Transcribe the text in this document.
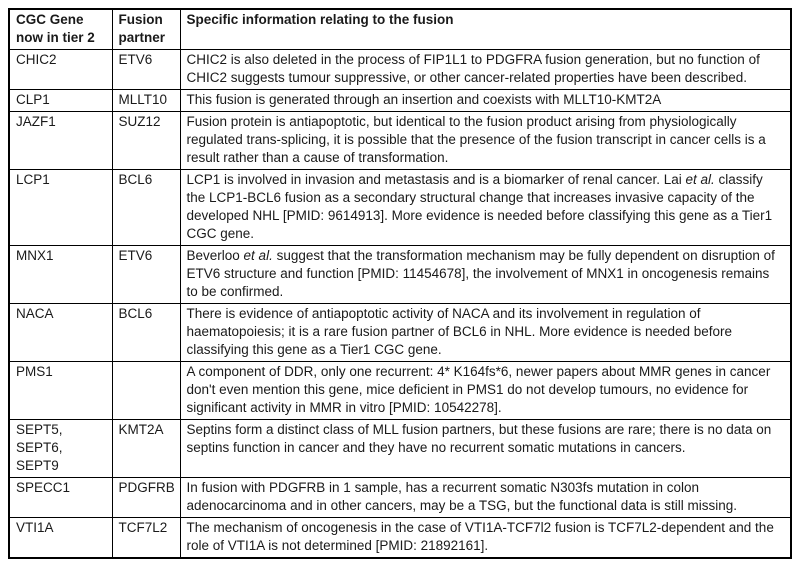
CGC Gene now in tier 2	Fusion partner	Specific information relating to the fusion
CHIC2	ETV6	CHIC2 is also deleted in the process of FIP1L1 to PDGFRA fusion generation, but no function of CHIC2 suggests tumour suppressive, or other cancer-related properties have been described.
CLP1	MLLT10	This fusion is generated through an insertion and coexists with MLLT10-KMT2A
JAZF1	SUZ12	Fusion protein is antiapoptotic, but identical to the fusion product arising from physiologically regulated trans-splicing, it is possible that the presence of the fusion transcript in cancer cells is a result rather than a cause of transformation.
LCP1	BCL6	LCP1 is involved in invasion and metastasis and is a biomarker of renal cancer. Lai et al. classify the LCP1-BCL6 fusion as a secondary structural change that increases invasive capacity of the developed NHL [PMID: 9614913]. More evidence is needed before classifying this gene as a Tier1 CGC gene.
MNX1	ETV6	Beverloo et al. suggest that the transformation mechanism may be fully dependent on disruption of ETV6 structure and function [PMID: 11454678], the involvement of MNX1 in oncogenesis remains to be confirmed.
NACA	BCL6	There is evidence of antiapoptotic activity of NACA and its involvement in regulation of haematopoiesis; it is a rare fusion partner of BCL6 in NHL. More evidence is needed before classifying this gene as a Tier1 CGC gene.
PMS1		A component of DDR, only one recurrent: 4* K164fs*6, newer papers about MMR genes in cancer don't even mention this gene, mice deficient in PMS1 do not develop tumours, no evidence for significant activity in MMR in vitro [PMID: 10542278].
SEPT5, SEPT6, SEPT9	KMT2A	Septins form a distinct class of MLL fusion partners, but these fusions are rare; there is no data on septins function in cancer and they have no recurrent somatic mutations in cancers.
SPECC1	PDGFRB	In fusion with PDGFRB in 1 sample, has a recurrent somatic N303fs mutation in colon adenocarcinoma and in other cancers, may be a TSG, but the functional data is still missing.
VTI1A	TCF7L2	The mechanism of oncogenesis in the case of VTI1A-TCF7l2 fusion is TCF7L2-dependent and the role of VTI1A is not determined [PMID: 21892161].
